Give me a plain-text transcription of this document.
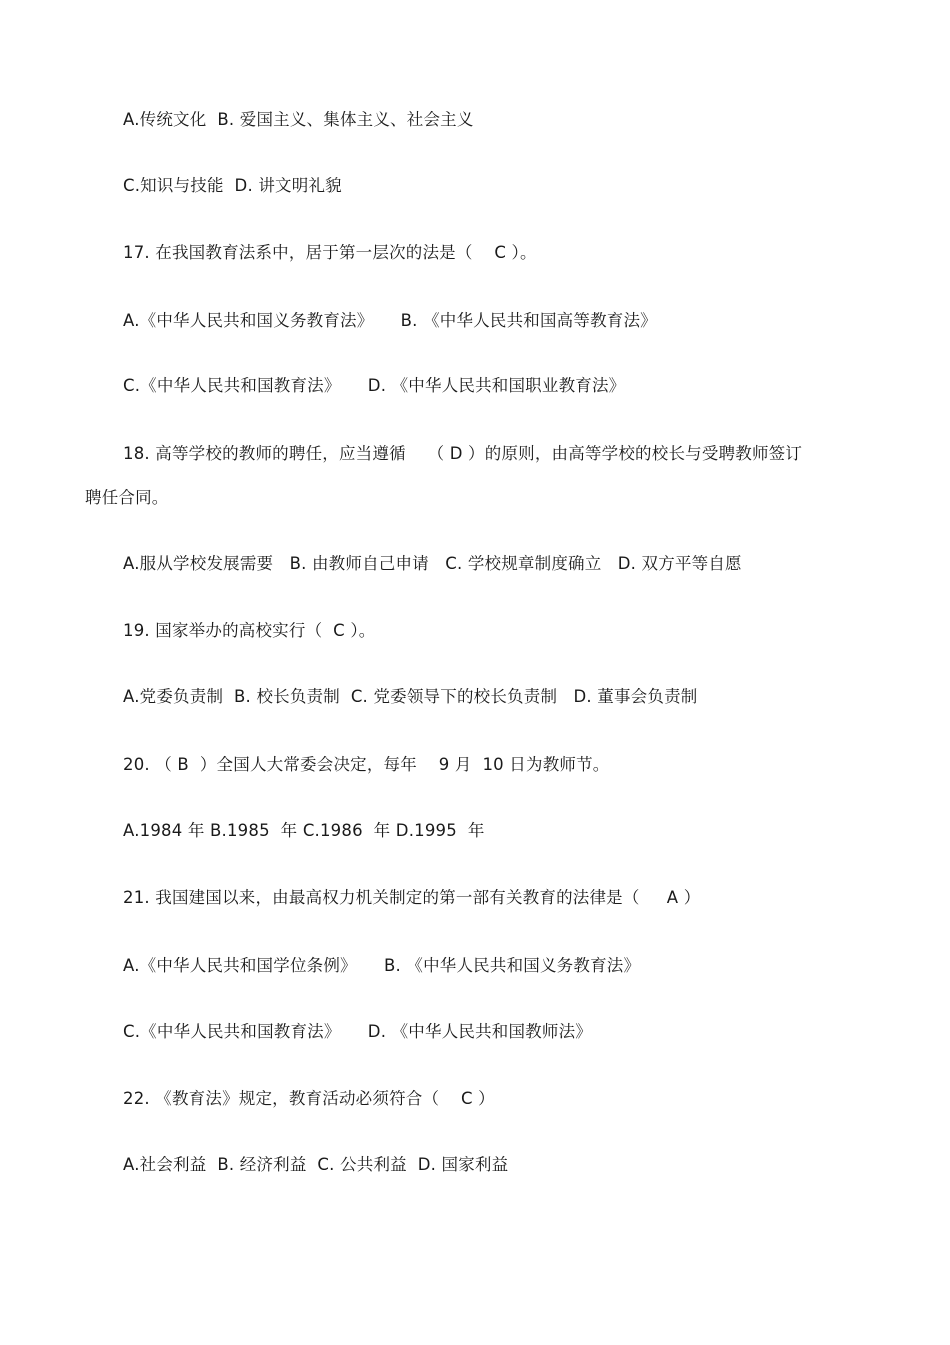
A.传统文化  B. 爱国主义、集体主义、社会主义
C.知识与技能  D. 讲文明礼貌
17. 在我国教育法系中，居于第一层次的法是（    C ）。
A.《中华人民共和国义务教育法》     B. 《中华人民共和国高等教育法》
C.《中华人民共和国教育法》     D. 《中华人民共和国职业教育法》
18. 高等学校的教师的聘任，应当遵循    （ D ）的原则，由高等学校的校长与受聘教师签订
聘任合同。
A.服从学校发展需要   B. 由教师自己申请   C. 学校规章制度确立   D. 双方平等自愿
19. 国家举办的高校实行（  C ）。
A.党委负责制  B. 校长负责制  C. 党委领导下的校长负责制   D. 董事会负责制
20. （ B  ）全国人大常委会决定，每年    9 月  10 日为教师节。
A.1984 年 B.1985  年 C.1986  年 D.1995  年
21. 我国建国以来，由最高权力机关制定的第一部有关教育的法律是（     A ）
A.《中华人民共和国学位条例》     B. 《中华人民共和国义务教育法》
C.《中华人民共和国教育法》     D. 《中华人民共和国教师法》
22. 《教育法》规定，教育活动必须符合（    C ）
A.社会利益  B. 经济利益  C. 公共利益  D. 国家利益
